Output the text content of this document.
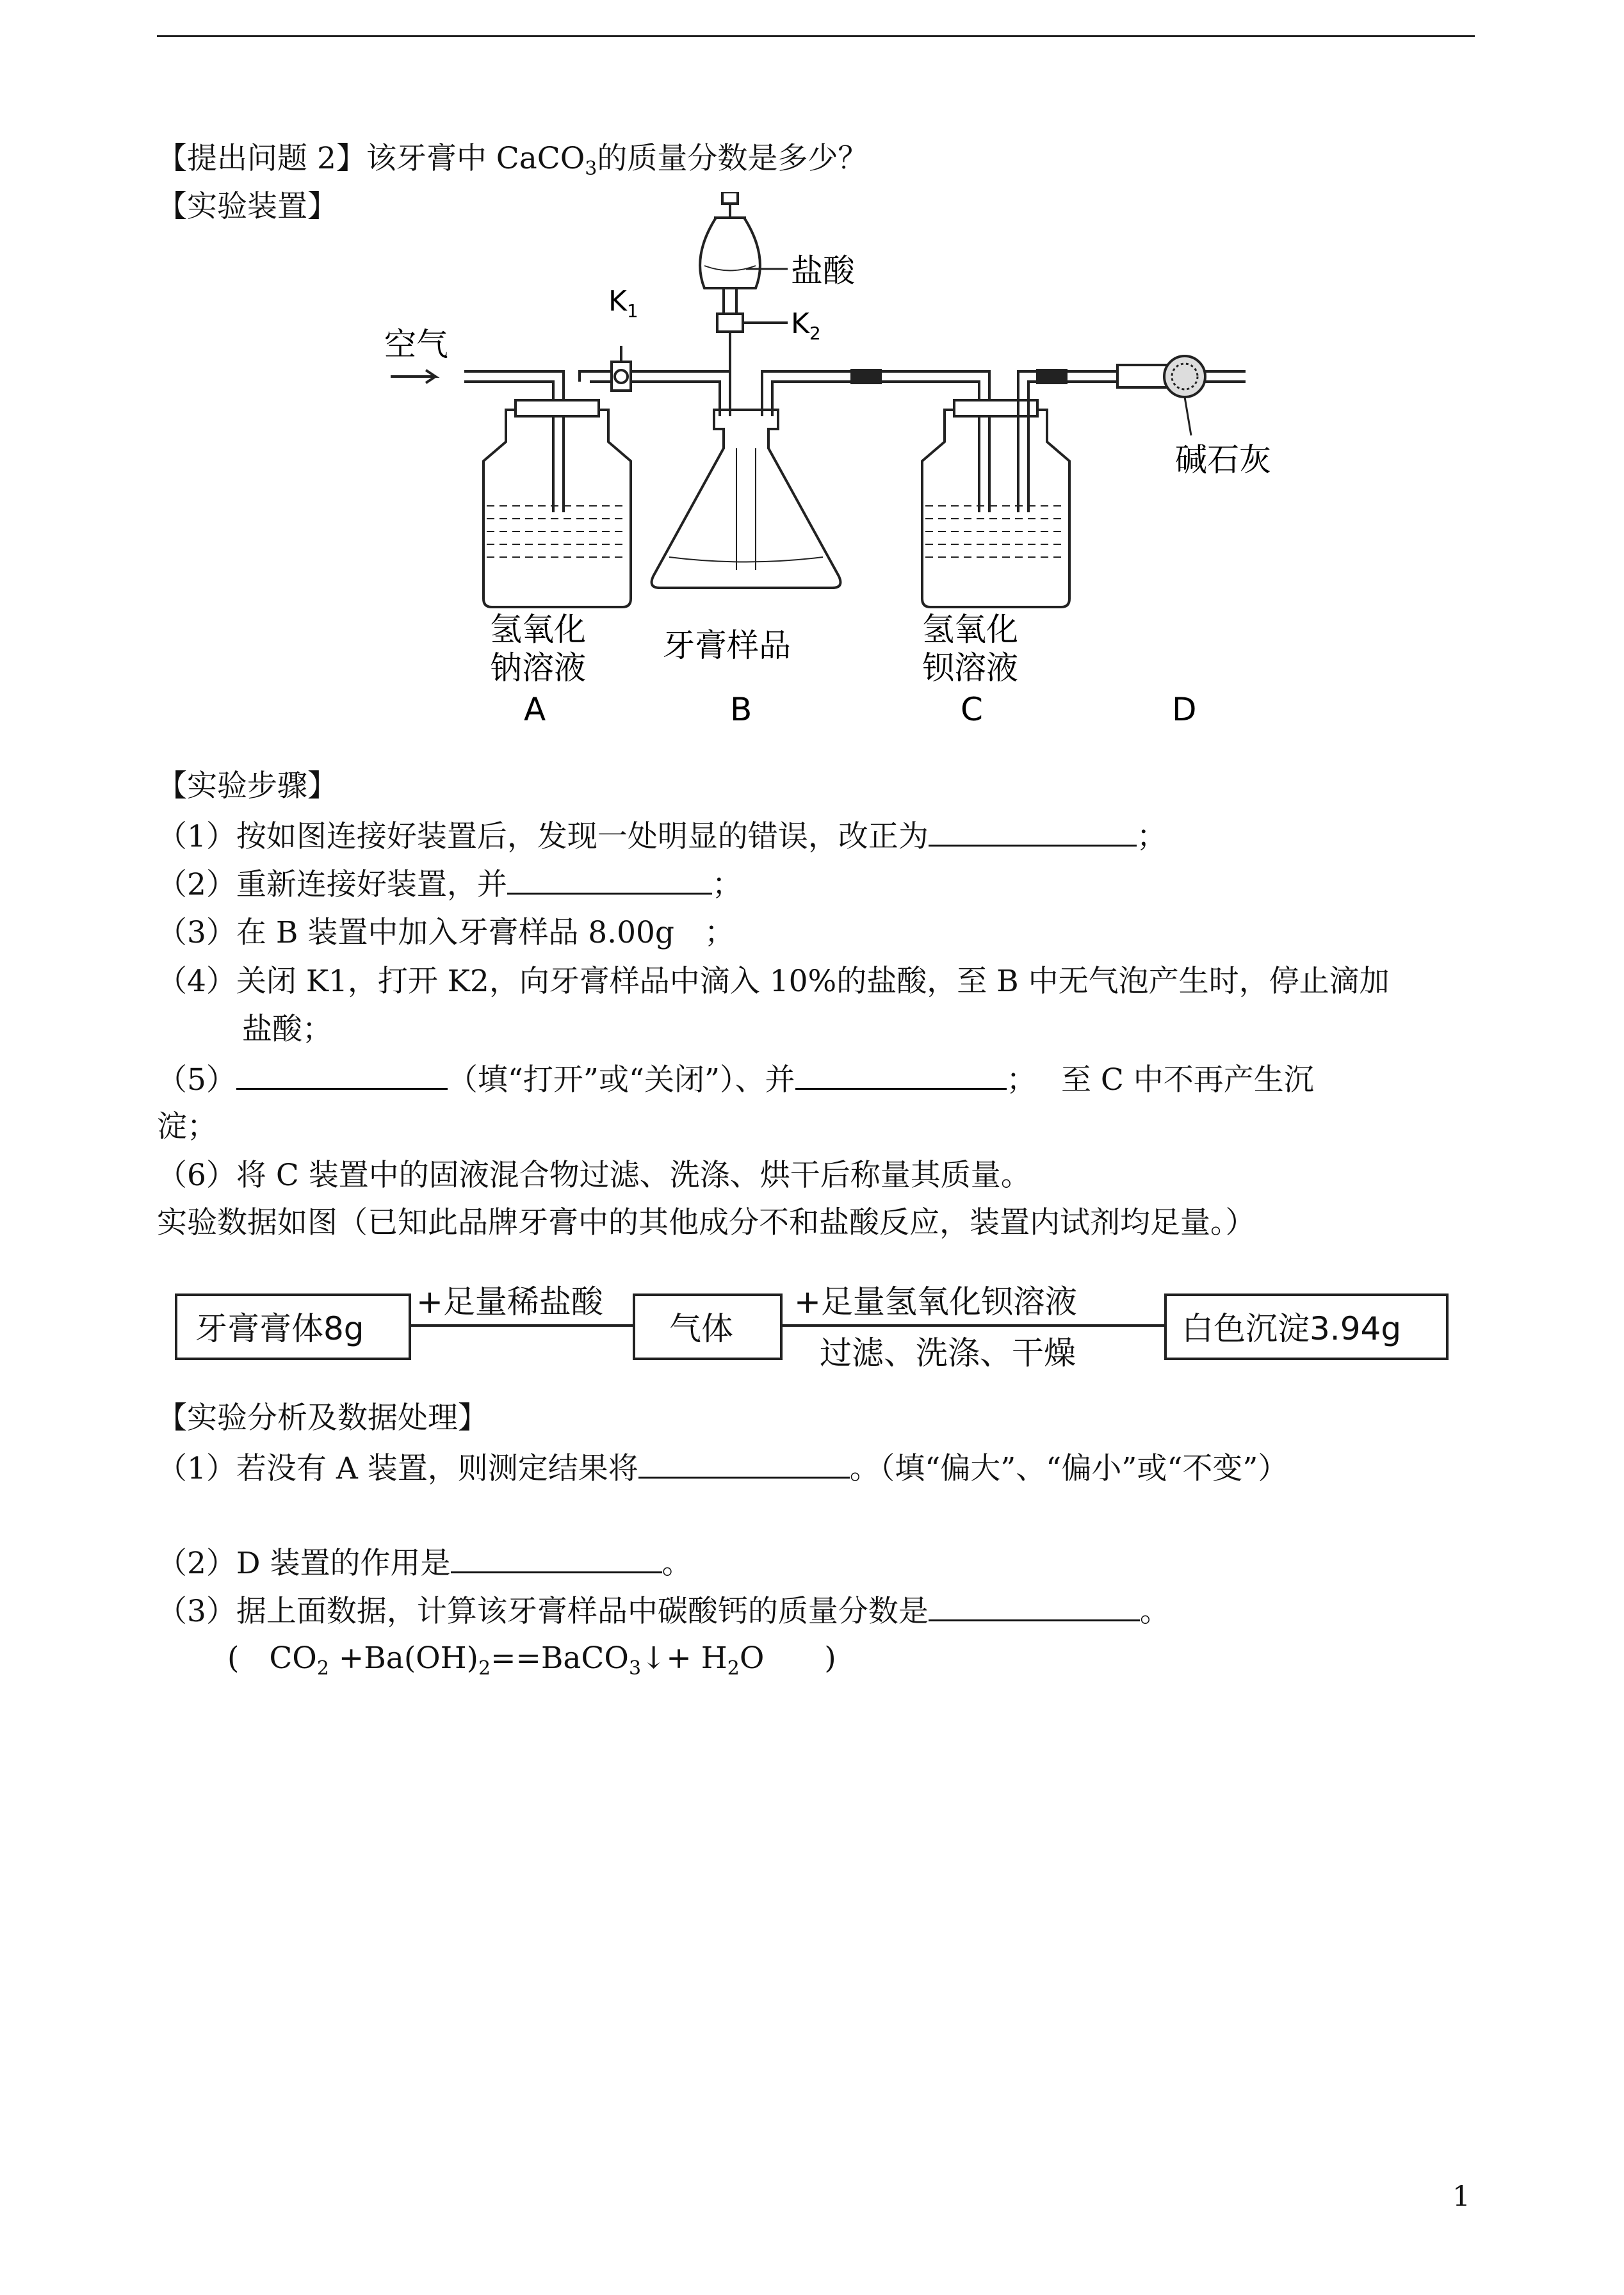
【提出问题 2】该牙膏中 CaCO$_3$的质量分数是多少？
【实验装置】
空气
$K_1$	$K_2$
盐酸
碱石灰
氢氧化
钠溶液
牙膏样品	氢氧化
钡溶液
A	B	C	D
【实验步骤】
（1）按如图连接好装置后，发现一处明显的错误，改正为	；
（2）重新连接好装置，并	；
（3）在 B 装置中加入牙膏样品 8.00g　；
（4）关闭 K1，打开 K2，向牙膏样品中滴入 10%的盐酸，至 B 中无气泡产生时，停止滴加
盐酸；
（5）	（填“打开”或“关闭”）、并	；　 至 C 中不再产生沉
淀；
（6）将 C 装置中的固液混合物过滤、洗涤、烘干后称量其质量。
实验数据如图（已知此品牌牙膏中的其他成分不和盐酸反应，装置内试剂均足量。）
牙膏膏体8g	气体	白色沉淀3.94g
+足量稀盐酸	+足量氢氧化钡溶液
过滤、洗涤、干燥
【实验分析及数据处理】
（1）若没有 A 装置，则测定结果将	。（填“偏大”、“偏小”或“不变”）
（2）D 装置的作用是	。
（3）据上面数据，计算该牙膏样品中碳酸钙的质量分数是	。
(　$CO_2$ $+Ba(OH)_2==BaCO_3↓+ H_2O$　　)
1
